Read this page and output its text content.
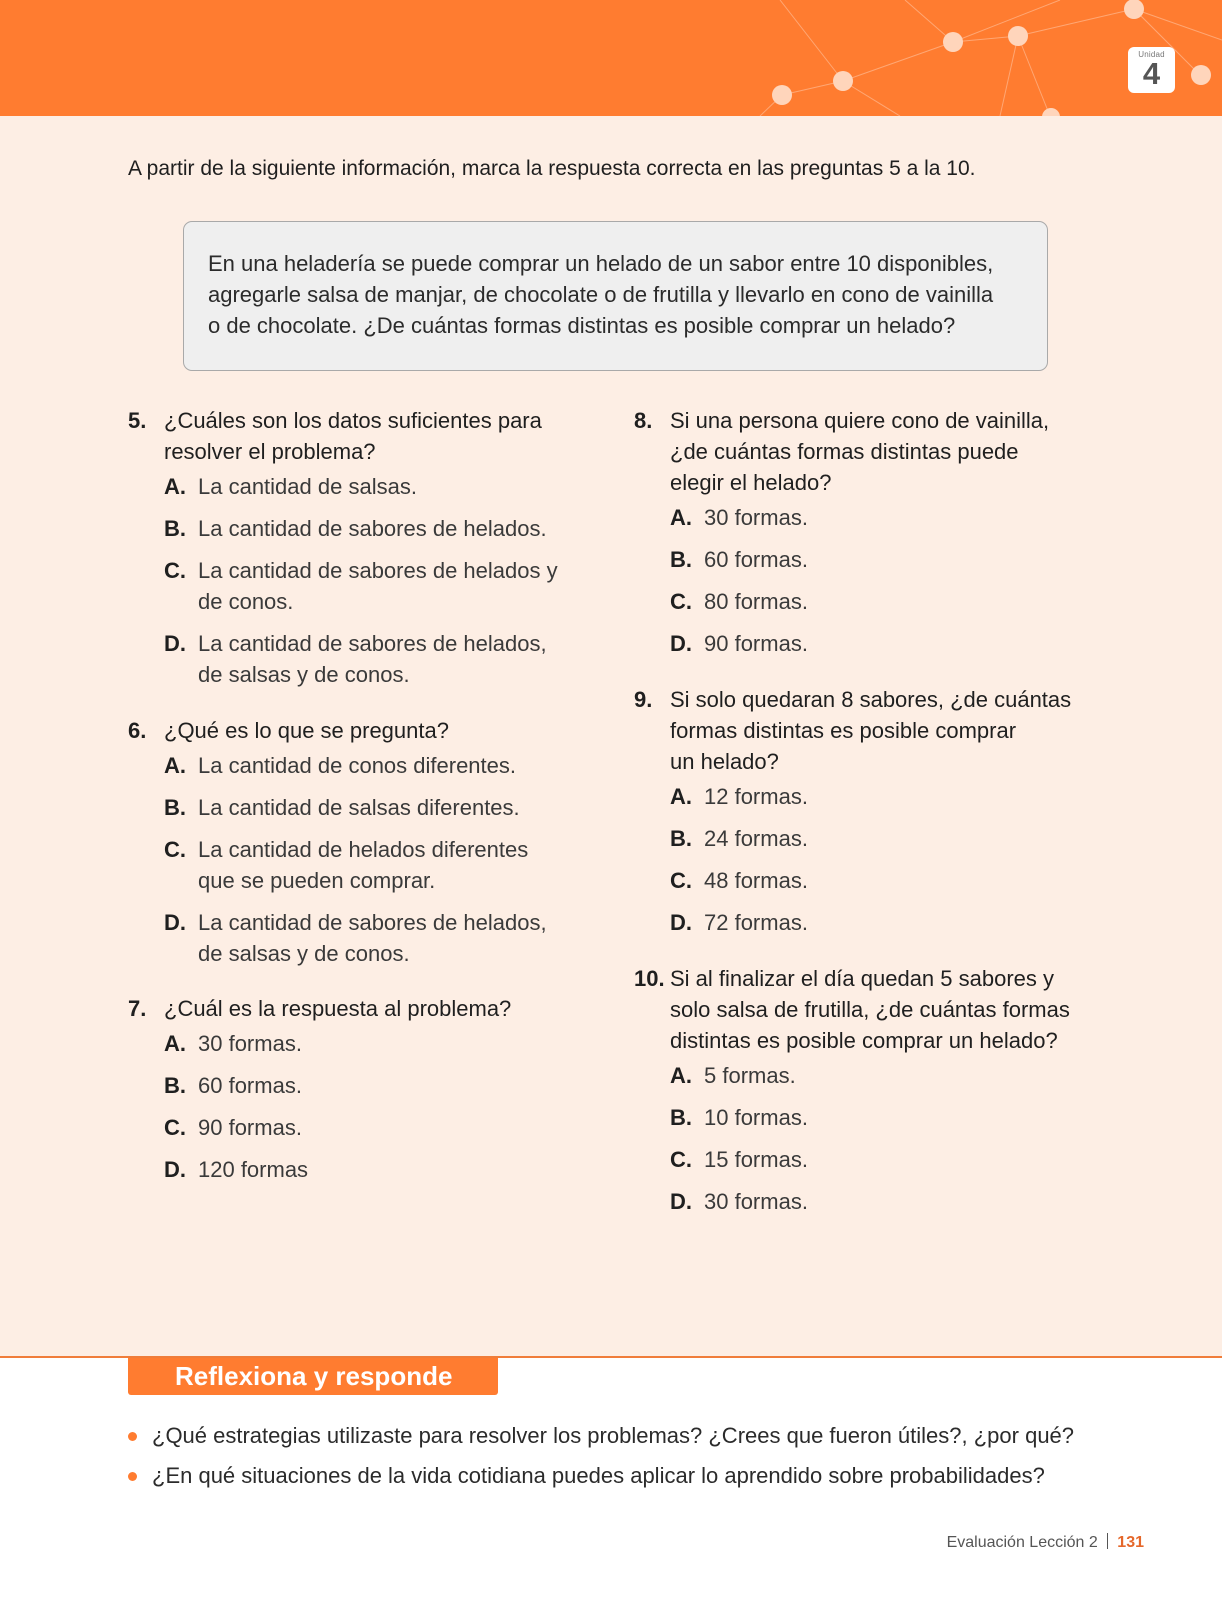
Unidad
4
A partir de la siguiente información, marca la respuesta correcta en las preguntas 5 a la 10.
En una heladería se puede comprar un helado de un sabor entre 10 disponibles,
agregarle salsa de manjar, de chocolate o de frutilla y llevarlo en cono de vainilla
o de chocolate. ¿De cuántas formas distintas es posible comprar un helado?
5. ¿Cuáles son los datos suficientes para
resolver el problema?
A. La cantidad de salsas.
B. La cantidad de sabores de helados.
C. La cantidad de sabores de helados y
de conos.
D. La cantidad de sabores de helados,
de salsas y de conos.
6. ¿Qué es lo que se pregunta?
A. La cantidad de conos diferentes.
B. La cantidad de salsas diferentes.
C. La cantidad de helados diferentes
que se pueden comprar.
D. La cantidad de sabores de helados,
de salsas y de conos.
7. ¿Cuál es la respuesta al problema?
A. 30 formas.
B. 60 formas.
C. 90 formas.
D. 120 formas
8. Si una persona quiere cono de vainilla,
¿de cuántas formas distintas puede
elegir el helado?
A. 30 formas.
B. 60 formas.
C. 80 formas.
D. 90 formas.
9. Si solo quedaran 8 sabores, ¿de cuántas
formas distintas es posible comprar
un helado?
A. 12 formas.
B. 24 formas.
C. 48 formas.
D. 72 formas.
10. Si al finalizar el día quedan 5 sabores y
solo salsa de frutilla, ¿de cuántas formas
distintas es posible comprar un helado?
A. 5 formas.
B. 10 formas.
C. 15 formas.
D. 30 formas.
Reflexiona y responde
¿Qué estrategias utilizaste para resolver los problemas? ¿Crees que fueron útiles?, ¿por qué?
¿En qué situaciones de la vida cotidiana puedes aplicar lo aprendido sobre probabilidades?
Evaluación Lección 2 131
